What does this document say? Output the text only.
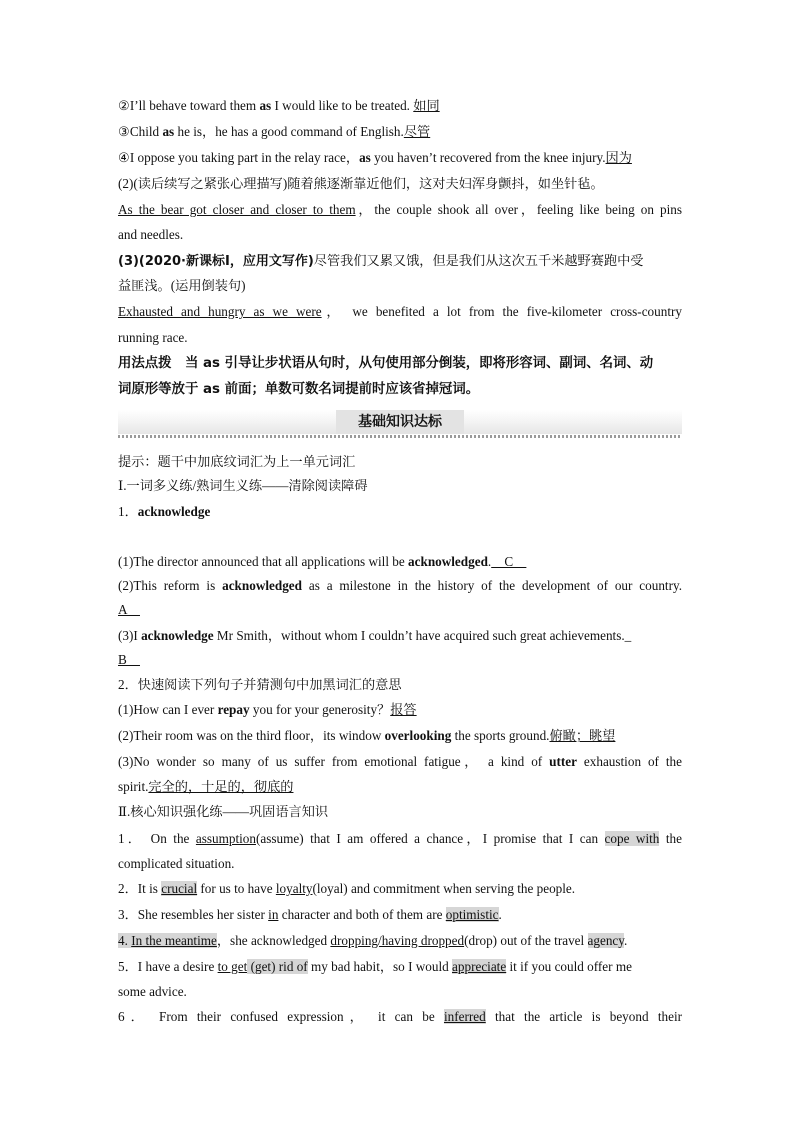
②I’ll behave toward them as I would like to be treated. 如同
③Child as he is，he has a good command of English.尽管
④I oppose you taking part in the relay race，as you haven’t recovered from the knee injury.因为
(2)(读后续写之紧张心理描写)随着熊逐渐靠近他们，这对夫妇浑身颤抖，如坐针毡。
As the bear got closer and closer to them，the couple shook all over，feeling like being on pins
and needles.
(3)(2020·新课标Ⅰ，应用文写作)尽管我们又累又饿，但是我们从这次五千米越野赛跑中受
益匪浅。(运用倒装句)
Exhausted and hungry as we were， we benefited a lot from the five-kilometer cross-country
running race.
用法点拨　当 as 引导让步状语从句时，从句使用部分倒装，即将形容词、副词、名词、动
词原形等放于 as 前面；单数可数名词提前时应该省掉冠词。
基础知识达标
提示：题干中加底纹词汇为上一单元词汇
Ⅰ.一词多义练/熟词生义练——清除阅读障碍
1．acknowledge
(1)The director announced that all applications will be acknowledged.　C　
(2)This reform is acknowledged as a milestone in the history of the development of our country.
A　
(3)I acknowledge Mr Smith，without whom I couldn’t have acquired such great achievements._
B　
2．快速阅读下列句子并猜测句中加黑词汇的意思
(1)How can I ever repay you for your generosity？报答
(2)Their room was on the third floor，its window overlooking the sports ground.俯瞰；眺望
(3)No wonder so many of us suffer from emotional fatigue， a kind of utter exhaustion of the
spirit.完全的，十足的，彻底的
Ⅱ.核心知识强化练——巩固语言知识
1． On the assumption(assume) that I am offered a chance，I promise that I can cope with the
complicated situation.
2．It is crucial for us to have loyalty(loyal) and commitment when serving the people.
3．She resembles her sister in character and both of them are optimistic.
4. In the meantime，she acknowledged dropping/having dropped(drop) out of the travel agency.
5．I have a desire to get (get) rid of my bad habit，so I would appreciate it if you could offer me
some advice.
6． From their confused expression， it can be inferred that the article is beyond their
